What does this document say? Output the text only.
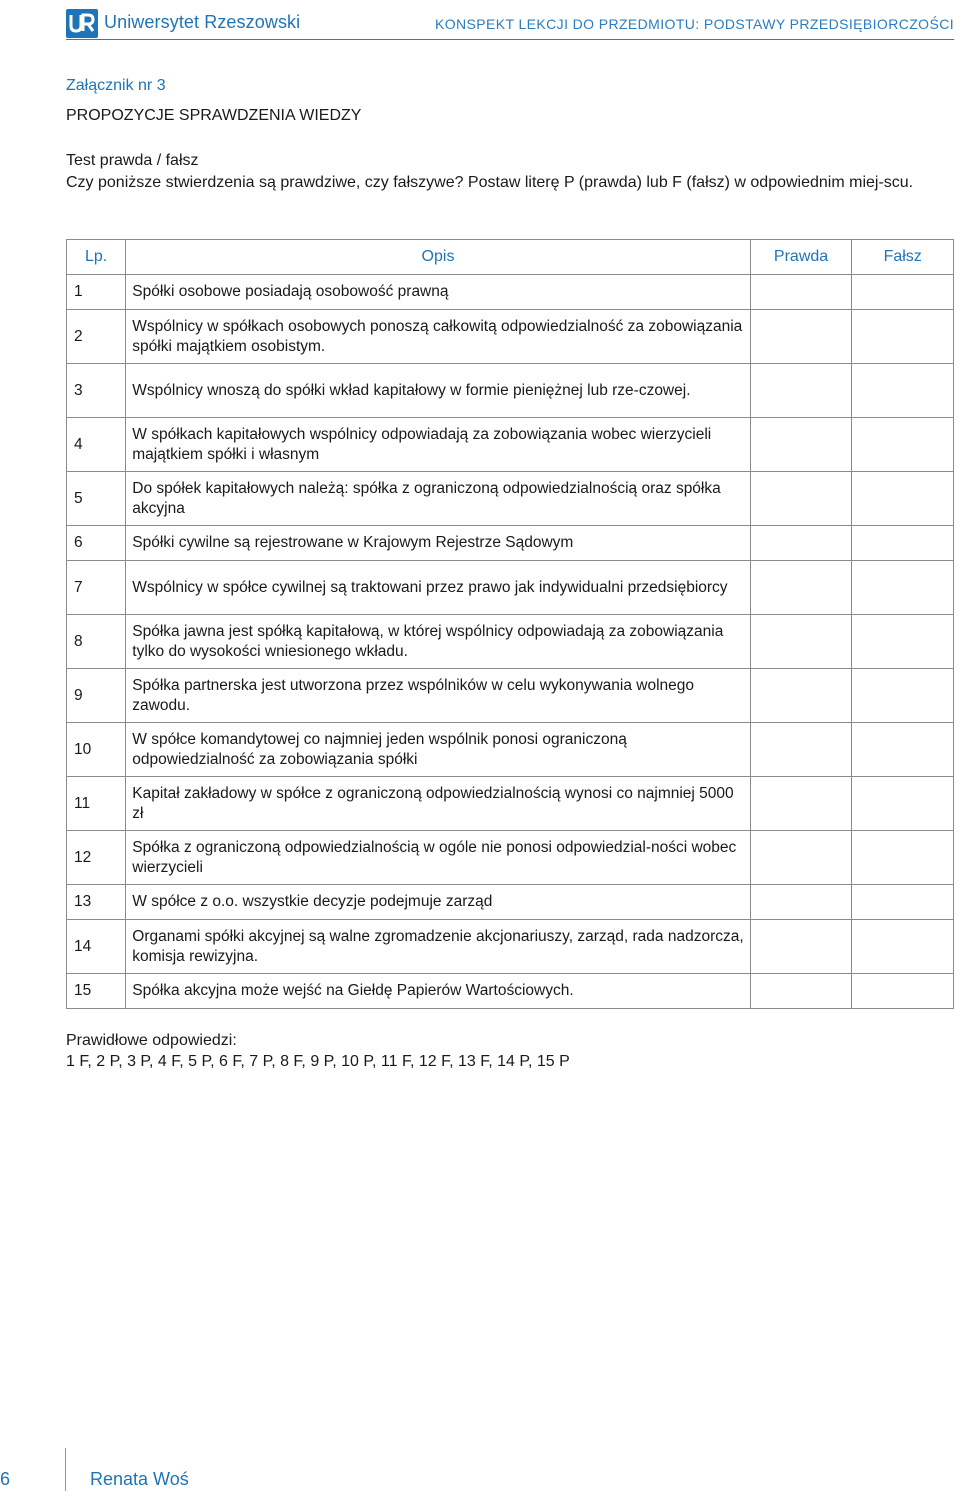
Uniwersytet Rzeszowski	KONSPEKT LEKCJI DO PRZEDMIOTU: PODSTAWY PRZEDSIĘBIORCZOŚCI
Załącznik nr 3
PROPOZYCJE SPRAWDZENIA WIEDZY
Test prawda / fałsz
Czy poniższe stwierdzenia są prawdziwe, czy fałszywe? Postaw literę P (prawda) lub F (fałsz) w odpowiednim miej-scu.
Lp.	Opis	Prawda	Fałsz
1	Spółki osobowe posiadają osobowość prawną		
2	Wspólnicy w spółkach osobowych ponoszą całkowitą odpowiedzialność za zobowiązania spółki majątkiem osobistym.		
3	Wspólnicy wnoszą do spółki wkład kapitałowy w formie pieniężnej lub rze-czowej.		
4	W spółkach kapitałowych wspólnicy odpowiadają za zobowiązania wobec wierzycieli majątkiem spółki i własnym		
5	Do spółek kapitałowych należą: spółka z ograniczoną odpowiedzialnością oraz spółka akcyjna		
6	Spółki cywilne są rejestrowane w Krajowym Rejestrze Sądowym		
7	Wspólnicy w spółce cywilnej są traktowani przez prawo jak indywidualni przedsiębiorcy		
8	Spółka jawna jest spółką kapitałową, w której wspólnicy odpowiadają za zobowiązania tylko do wysokości wniesionego wkładu.		
9	Spółka partnerska jest utworzona przez wspólników w celu wykonywania wolnego zawodu.		
10	W spółce komandytowej co najmniej jeden wspólnik ponosi ograniczoną odpowiedzialność za zobowiązania spółki		
11	Kapitał zakładowy w spółce z ograniczoną odpowiedzialnością wynosi co najmniej 5000 zł		
12	Spółka z ograniczoną odpowiedzialnością w ogóle nie ponosi odpowiedzial-ności wobec wierzycieli		
13	W spółce z o.o. wszystkie decyzje podejmuje zarząd		
14	Organami spółki akcyjnej są walne zgromadzenie akcjonariuszy, zarząd, rada nadzorcza, komisja rewizyjna.		
15	Spółka akcyjna może wejść na Giełdę Papierów Wartościowych.		
Prawidłowe odpowiedzi:
1 F, 2 P, 3 P, 4 F, 5 P, 6 F, 7 P, 8 F, 9 P, 10 P, 11 F, 12 F, 13 F, 14 P, 15 P
6	Renata Woś
